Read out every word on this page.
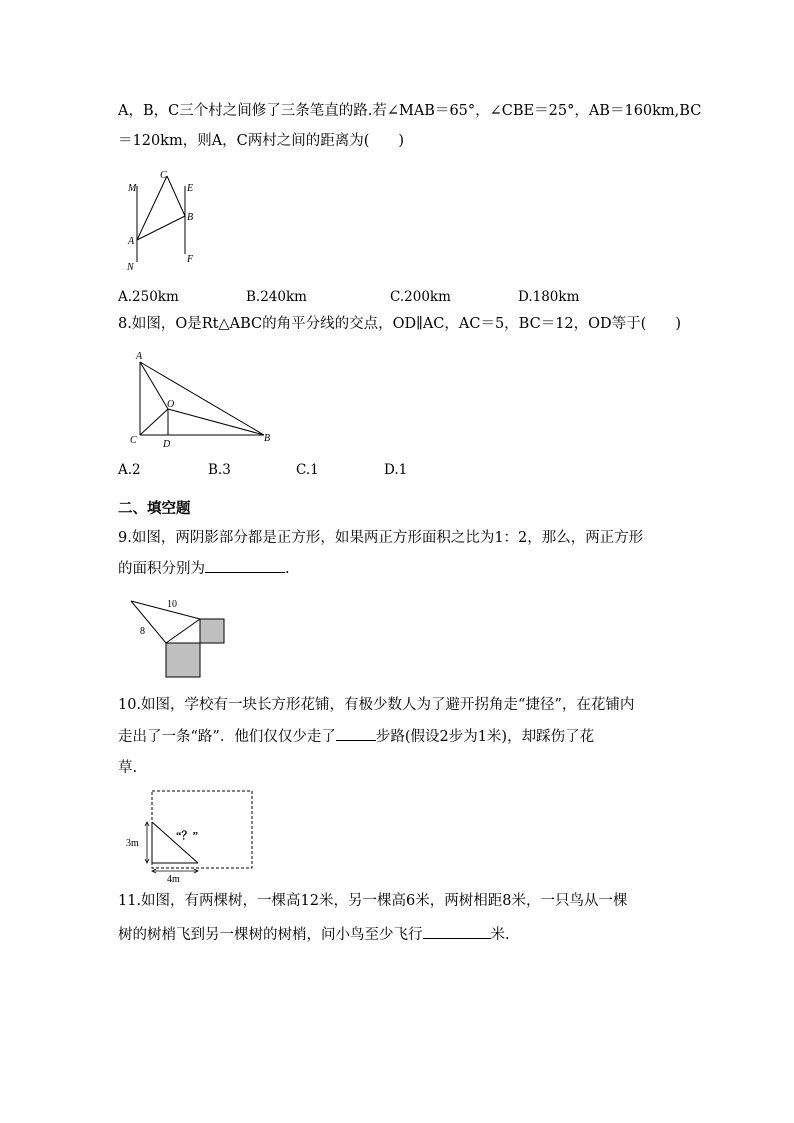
A，B，C三个村之间修了三条笔直的路.若∠MAB＝65°，∠CBE＝25°，AB＝160km,BC
＝120km，则A，C两村之间的距离为(　　)
M
C
E
B
A
N
F
A.250km	B.240km	C.200km	D.180km
8.如图，O是Rt△ABC的角平分线的交点，OD∥AC，AC＝5，BC＝12，OD等于(　　)
A
O
C	D
B
A.2	B.3	C.1	D.1
二、填空题
9.如图，两阴影部分都是正方形，如果两正方形面积之比为1：2，那么，两正方形
的面积分别为	.
10
8
10.如图，学校有一块长方形花铺，有极少数人为了避开拐角走“捷径”，在花铺内
走出了一条“路”．他们仅仅少走了	步路(假设2步为1米)，却踩伤了花
草.
“？”
3m
4m
11.如图，有两棵树，一棵高12米，另一棵高6米，两树相距8米，一只鸟从一棵
树的树梢飞到另一棵树的树梢，问小鸟至少飞行	米.
